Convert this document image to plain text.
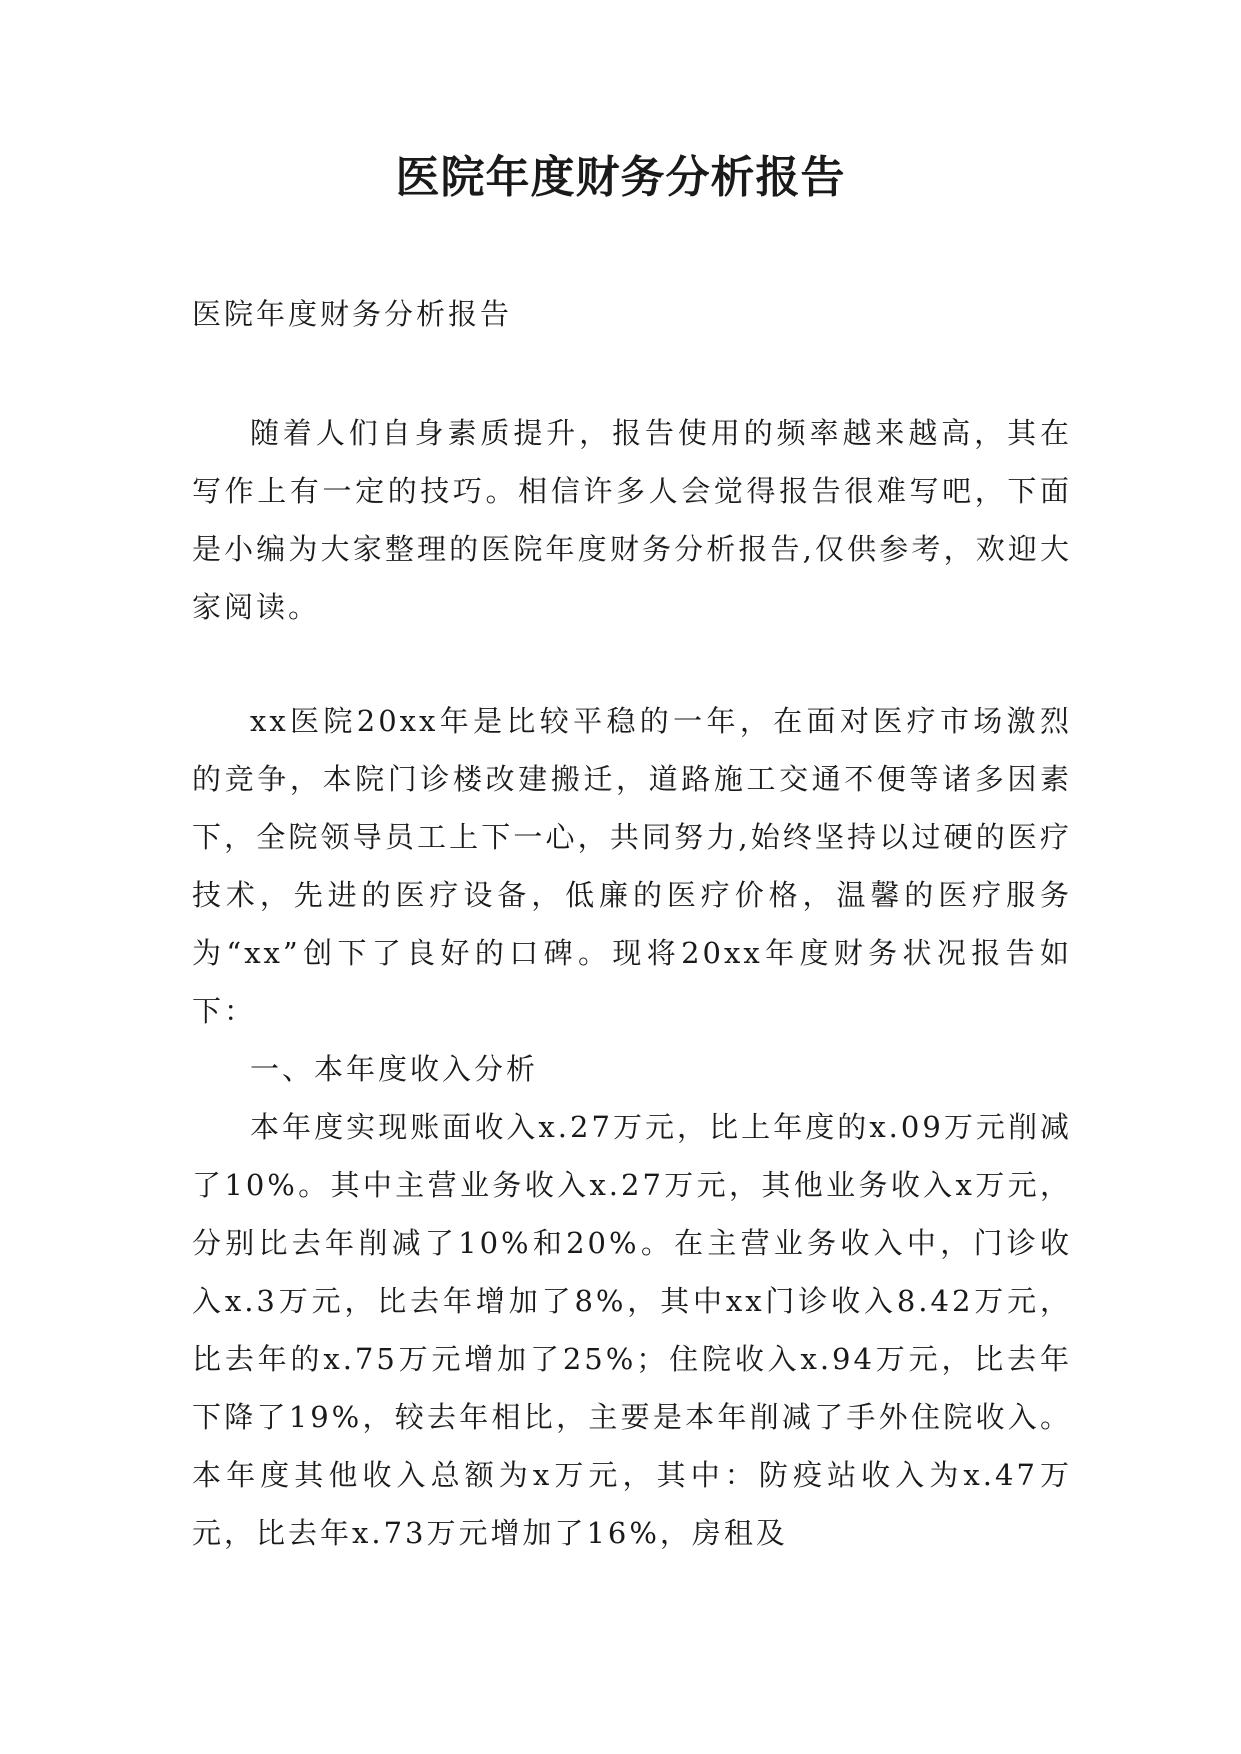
医院年度财务分析报告
医院年度财务分析报告

随着人们自身素质提升，报告使用的频率越来越高，其在写作上有一定的技巧。相信许多人会觉得报告很难写吧，下面是小编为大家整理的医院年度财务分析报告,仅供参考，欢迎大家阅读。

xx医院20xx年是比较平稳的一年，在面对医疗市场激烈的竞争，本院门诊楼改建搬迁，道路施工交通不便等诸多因素下，全院领导员工上下一心，共同努力,始终坚持以过硬的医疗技术，先进的医疗设备，低廉的医疗价格，温馨的医疗服务为“xx”创下了良好的口碑。现将20xx年度财务状况报告如下：

一、本年度收入分析

本年度实现账面收入x.27万元，比上年度的x.09万元削减了10%。其中主营业务收入x.27万元，其他业务收入x万元，分别比去年削减了10%和20%。在主营业务收入中，门诊收入x.3万元，比去年增加了8%，其中xx门诊收入8.42万元，比去年的x.75万元增加了25%；住院收入x.94万元，比去年下降了19%，较去年相比，主要是本年削减了手外住院收入。本年度其他收入总额为x万元，其中：防疫站收入为x.47万元，比去年x.73万元增加了16%，房租及
